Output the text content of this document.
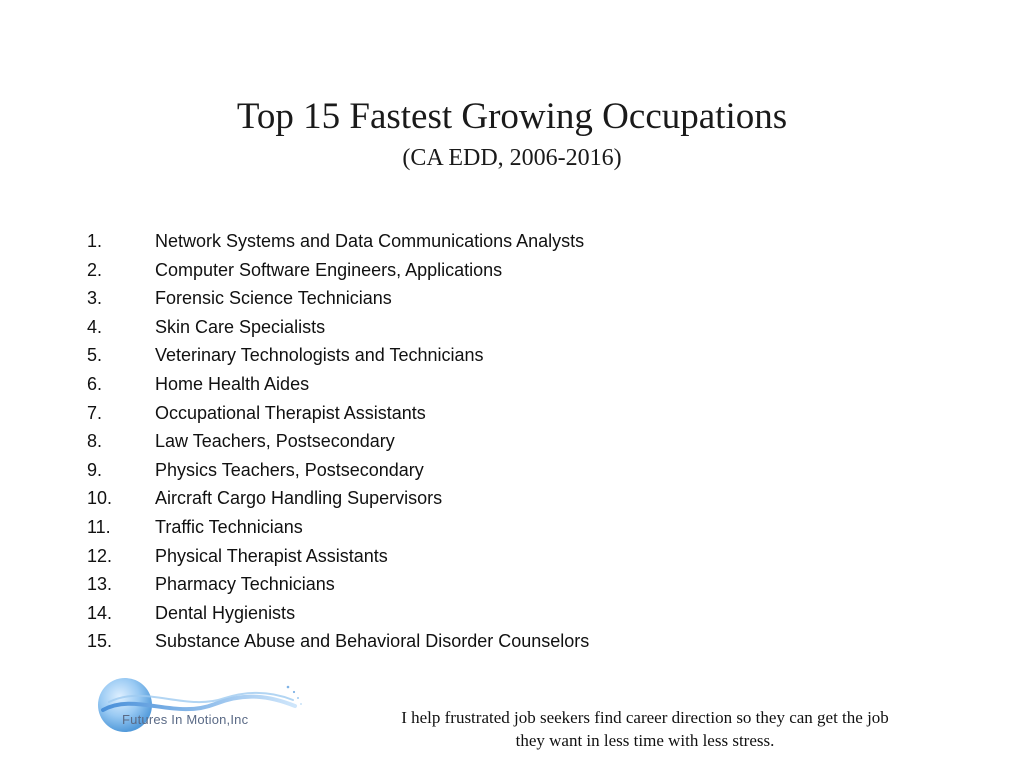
Top 15 Fastest Growing Occupations
(CA EDD, 2006-2016)
1.	Network Systems and Data Communications Analysts
2.	Computer Software Engineers, Applications
3.	Forensic Science Technicians
4.	Skin Care Specialists
5.	Veterinary Technologists and Technicians
6.	Home Health Aides
7.	Occupational Therapist Assistants
8.	Law Teachers, Postsecondary
9.	Physics Teachers, Postsecondary
10. Aircraft Cargo Handling Supervisors
11. Traffic Technicians
12. Physical Therapist Assistants
13. Pharmacy Technicians
14. Dental Hygienists
15. Substance Abuse and Behavioral Disorder Counselors
Futures In Motion,Inc	I help frustrated job seekers find career direction so they can get the job
they want in less time with less stress.
